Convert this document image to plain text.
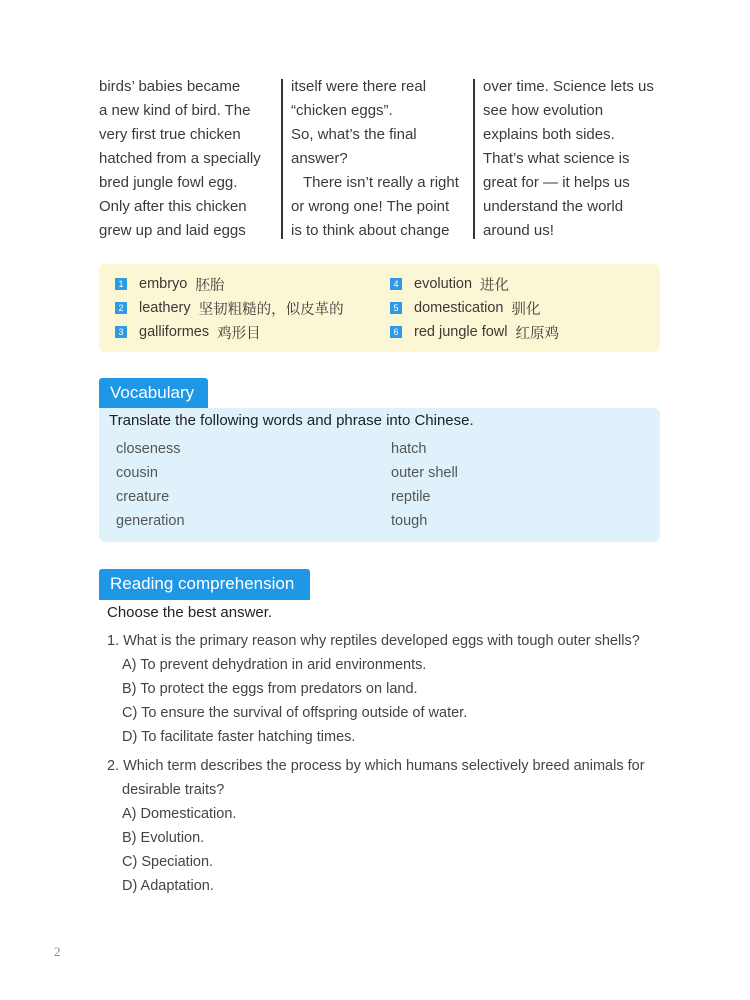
birds’ babies became
a new kind of bird. The
very first true chicken
hatched from a specially
bred jungle fowl egg.
Only after this chicken
grew up and laid eggs
itself were there real
“chicken eggs”.
So, what’s the final
answer?
There isn’t really a right
or wrong one! The point
is to think about change
over time. Science lets us
see how evolution
explains both sides.
That’s what science is
great for — it helps us
understand the world
around us!
1 embryo 胚胎
2 leathery 坚韧粗糙的，似皮革的
3 galliformes 鸡形目
4 evolution 进化
5 domestication 驯化
6 red jungle fowl 红原鸡
Vocabulary
Translate the following words and phrase into Chinese.
closeness
cousin
creature
generation
hatch
outer shell
reptile
tough
Reading comprehension
Choose the best answer.
1. What is the primary reason why reptiles developed eggs with tough outer shells?
A) To prevent dehydration in arid environments.
B) To protect the eggs from predators on land.
C) To ensure the survival of offspring outside of water.
D) To facilitate faster hatching times.
2. Which term describes the process by which humans selectively breed animals for
desirable traits?
A) Domestication.
B) Evolution.
C) Speciation.
D) Adaptation.
2
